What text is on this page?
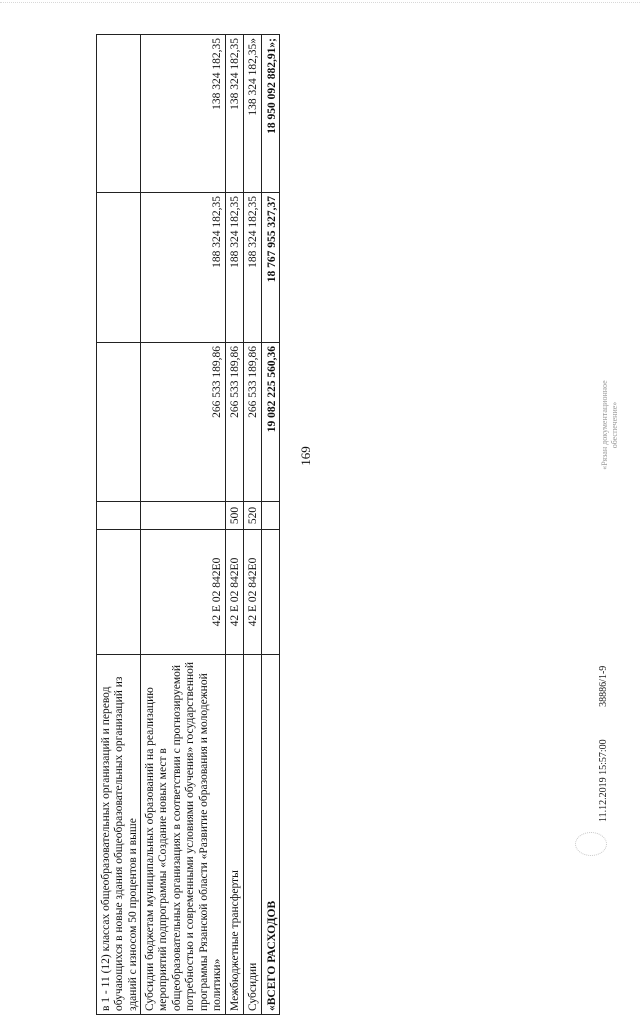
в 1 - 11 (12) классах общеобразовательных организаций и перевод обучающихся в новые здания общеобразовательных организаций из зданий с износом 50 процентов и выше					
Субсидии бюджетам муниципальных образований на реализацию мероприятий подпрограммы «Создание новых мест в общеобразовательных организациях в соответствии с прогнозируемой потребностью и современными условиями обучения» государственной программы Рязанской области «Развитие образования и молодежной политики»	42 Е 02 842Е0		266 533 189,86	188 324 182,35	138 324 182,35
Межбюджетные трансферты	42 Е 02 842Е0	500	266 533 189,86	188 324 182,35	138 324 182,35
Субсидии	42 Е 02 842Е0	520	266 533 189,86	188 324 182,35	138 324 182,35»
«ВСЕГО РАСХОДОВ			19 082 225 560,36	18 767 955 327,37	18 950 092 882,91»;
169	«Рязан документационное обеспечение»
11.12.2019 15:57:00 38886/1-9
